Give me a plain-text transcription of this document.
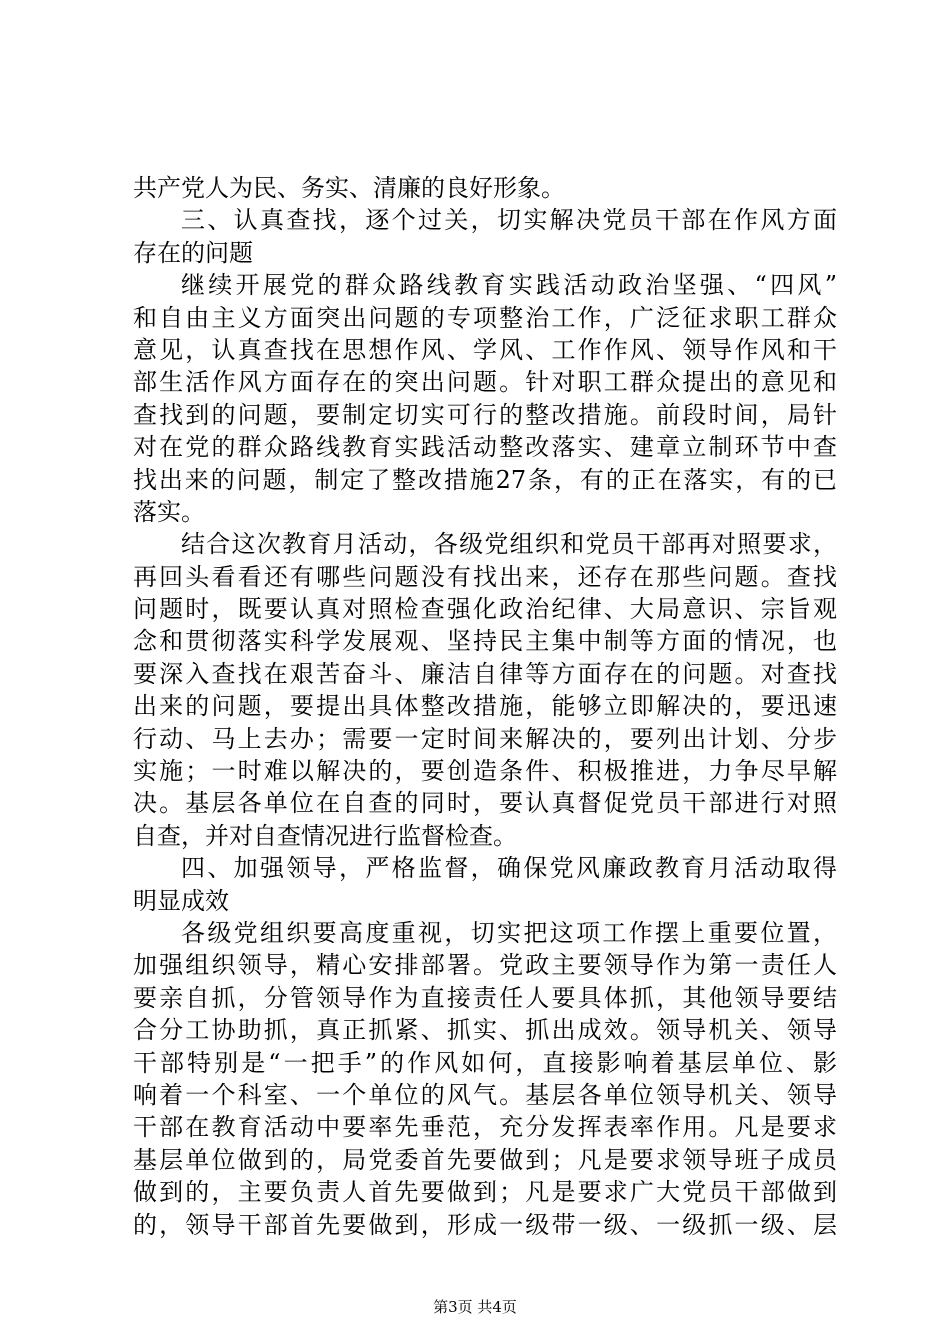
共产党人为民、务实、清廉的良好形象。
三、认真查找，逐个过关，切实解决党员干部在作风方面
存在的问题
继续开展党的群众路线教育实践活动政治坚强、“四风”
和自由主义方面突出问题的专项整治工作，广泛征求职工群众
意见，认真查找在思想作风、学风、工作作风、领导作风和干
部生活作风方面存在的突出问题。针对职工群众提出的意见和
查找到的问题，要制定切实可行的整改措施。前段时间，局针
对在党的群众路线教育实践活动整改落实、建章立制环节中查
找出来的问题，制定了整改措施27条，有的正在落实，有的已
落实。
结合这次教育月活动，各级党组织和党员干部再对照要求，
再回头看看还有哪些问题没有找出来，还存在那些问题。查找
问题时，既要认真对照检查强化政治纪律、大局意识、宗旨观
念和贯彻落实科学发展观、坚持民主集中制等方面的情况，也
要深入查找在艰苦奋斗、廉洁自律等方面存在的问题。对查找
出来的问题，要提出具体整改措施，能够立即解决的，要迅速
行动、马上去办；需要一定时间来解决的，要列出计划、分步
实施；一时难以解决的，要创造条件、积极推进，力争尽早解
决。基层各单位在自查的同时，要认真督促党员干部进行对照
自查，并对自查情况进行监督检查。
四、加强领导，严格监督，确保党风廉政教育月活动取得
明显成效
各级党组织要高度重视，切实把这项工作摆上重要位置，
加强组织领导，精心安排部署。党政主要领导作为第一责任人
要亲自抓，分管领导作为直接责任人要具体抓，其他领导要结
合分工协助抓，真正抓紧、抓实、抓出成效。领导机关、领导
干部特别是“一把手”的作风如何，直接影响着基层单位、影
响着一个科室、一个单位的风气。基层各单位领导机关、领导
干部在教育活动中要率先垂范，充分发挥表率作用。凡是要求
基层单位做到的，局党委首先要做到；凡是要求领导班子成员
做到的，主要负责人首先要做到；凡是要求广大党员干部做到
的，领导干部首先要做到，形成一级带一级、一级抓一级、层
第3页 共4页
